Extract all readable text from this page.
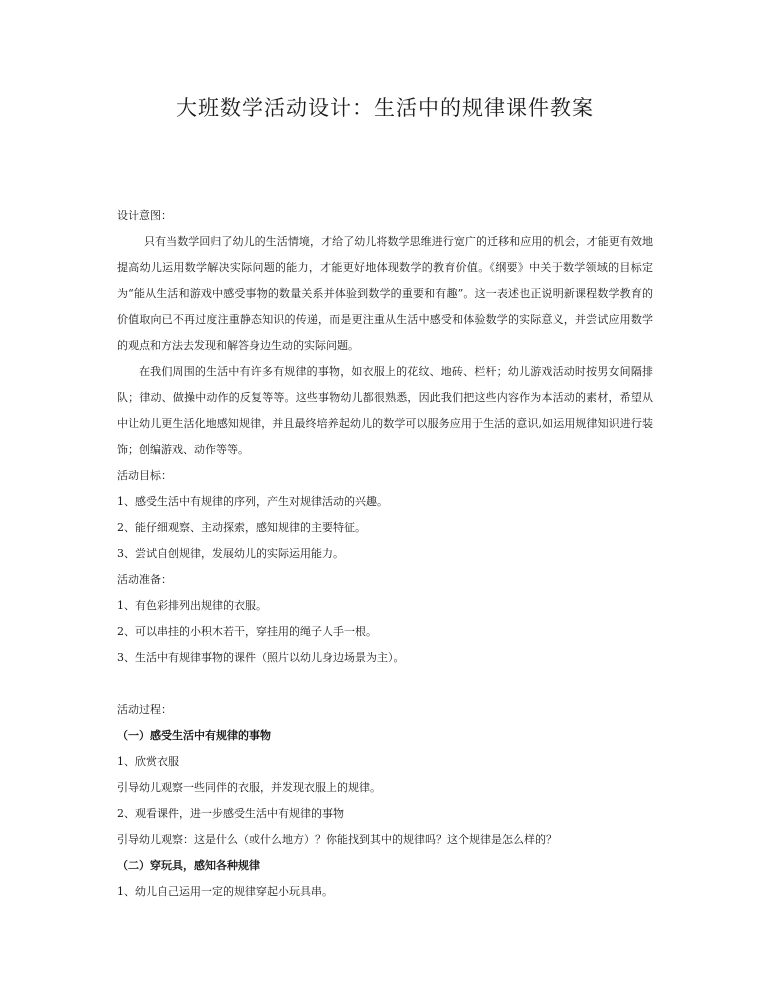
大班数学活动设计：生活中的规律课件教案

设计意图：

只有当数学回归了幼儿的生活情境，才给了幼儿将数学思维进行宽广的迁移和应用的机会，才能更有效地提高幼儿运用数学解决实际问题的能力，才能更好地体现数学的教育价值。《纲要》中关于数学领域的目标定为“能从生活和游戏中感受事物的数量关系并体验到数学的重要和有趣”。这一表述也正说明新课程数学教育的价值取向已不再过度注重静态知识的传递，而是更注重从生活中感受和体验数学的实际意义，并尝试应用数学的观点和方法去发现和解答身边生动的实际问题。

在我们周围的生活中有许多有规律的事物，如衣服上的花纹、地砖、栏杆；幼儿游戏活动时按男女间隔排队；律动、做操中动作的反复等等。这些事物幼儿都很熟悉，因此我们把这些内容作为本活动的素材，希望从中让幼儿更生活化地感知规律，并且最终培养起幼儿的数学可以服务应用于生活的意识,如运用规律知识进行装饰；创编游戏、动作等等。

活动目标：

1、感受生活中有规律的序列，产生对规律活动的兴趣。

2、能仔细观察、主动探索，感知规律的主要特征。

3、尝试自创规律，发展幼儿的实际运用能力。

活动准备：

1、有色彩排列出规律的衣服。

2、可以串挂的小积木若干，穿挂用的绳子人手一根。

3、生活中有规律事物的课件（照片以幼儿身边场景为主）。

活动过程：

（一）感受生活中有规律的事物

1、欣赏衣服

引导幼儿观察一些同伴的衣服，并发现衣服上的规律。

2、观看课件，进一步感受生活中有规律的事物

引导幼儿观察：这是什么（或什么地方）？你能找到其中的规律吗？这个规律是怎么样的？

（二）穿玩具，感知各种规律

1、幼儿自己运用一定的规律穿起小玩具串。
